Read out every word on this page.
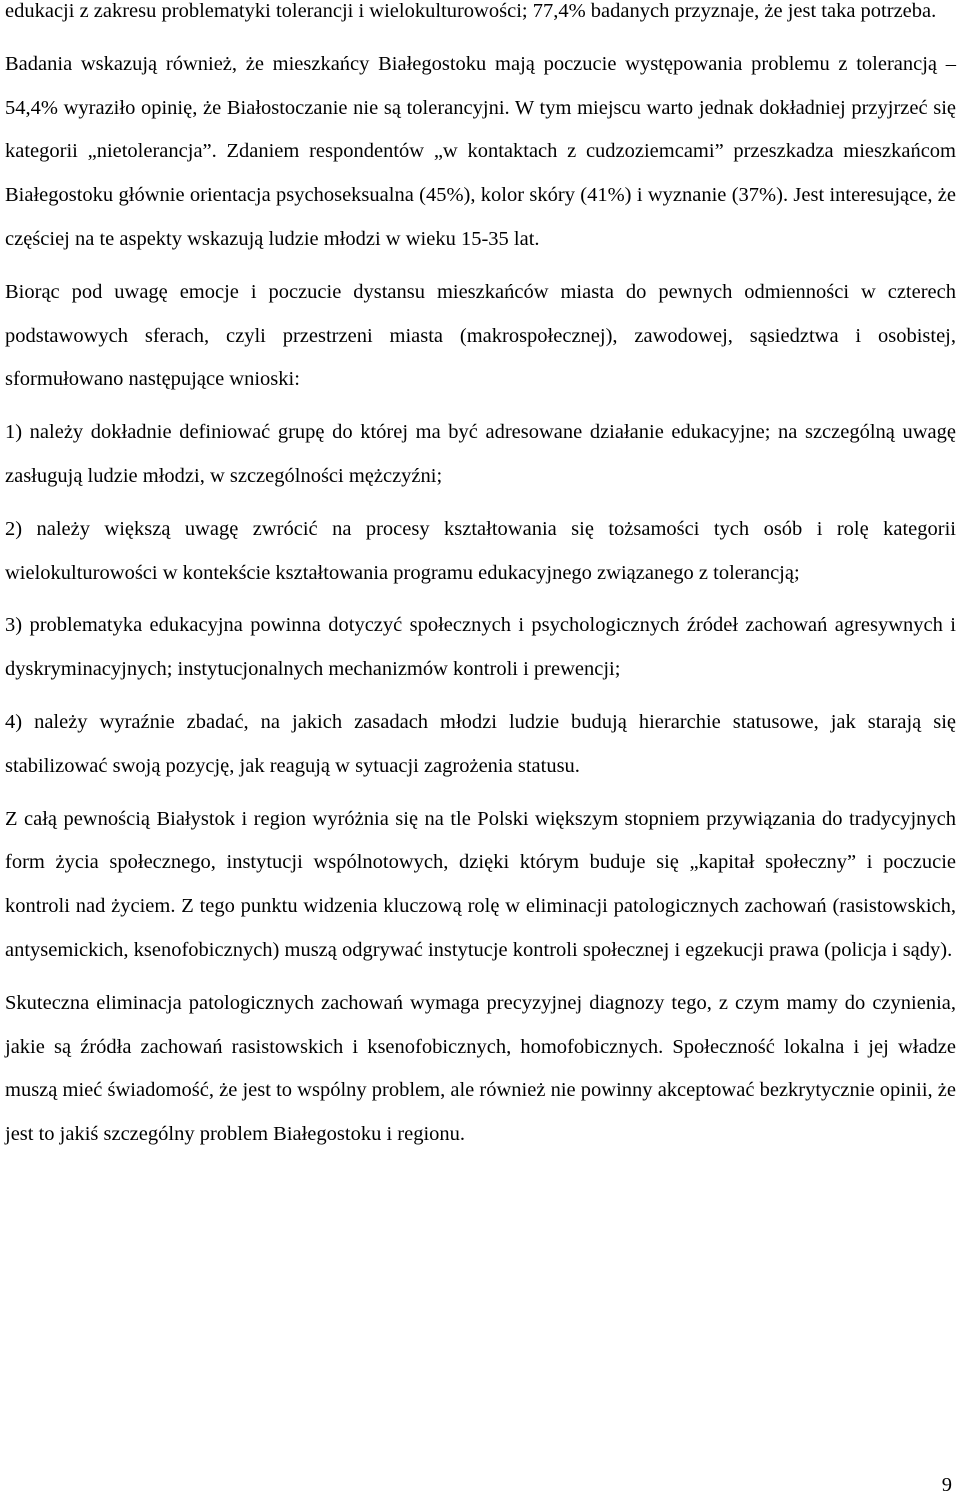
edukacji z zakresu problematyki tolerancji i wielokulturowości; 77,4% badanych przyznaje, że jest taka potrzeba.

Badania wskazują również, że mieszkańcy Białegostoku mają poczucie występowania problemu z tolerancją – 54,4% wyraziło opinię, że Białostoczanie nie są tolerancyjni. W tym miejscu warto jednak dokładniej przyjrzeć się kategorii „nietolerancja”. Zdaniem respondentów „w kontaktach z cudzoziemcami” przeszkadza mieszkańcom Białegostoku głównie orientacja psychoseksualna (45%), kolor skóry (41%) i wyznanie (37%). Jest interesujące, że częściej na te aspekty wskazują ludzie młodzi w wieku 15-35 lat.

Biorąc pod uwagę emocje i poczucie dystansu mieszkańców miasta do pewnych odmienności w czterech podstawowych sferach, czyli przestrzeni miasta (makrospołecznej), zawodowej, sąsiedztwa i osobistej, sformułowano następujące wnioski:

1) należy dokładnie definiować grupę do której ma być adresowane działanie edukacyjne; na szczególną uwagę zasługują ludzie młodzi, w szczególności mężczyźni;

2) należy większą uwagę zwrócić na procesy kształtowania się tożsamości tych osób i rolę kategorii wielokulturowości w kontekście kształtowania programu edukacyjnego związanego z tolerancją;

3) problematyka edukacyjna powinna dotyczyć społecznych i psychologicznych źródeł zachowań agresywnych i dyskryminacyjnych; instytucjonalnych mechanizmów kontroli i prewencji;

4) należy wyraźnie zbadać, na jakich zasadach młodzi ludzie budują hierarchie statusowe, jak starają się stabilizować swoją pozycję, jak reagują w sytuacji zagrożenia statusu.

Z całą pewnością Białystok i region wyróżnia się na tle Polski większym stopniem przywiązania do tradycyjnych form życia społecznego, instytucji wspólnotowych, dzięki którym buduje się „kapitał społeczny” i poczucie kontroli nad życiem. Z tego punktu widzenia kluczową rolę w eliminacji patologicznych zachowań (rasistowskich, antysemickich, ksenofobicznych) muszą odgrywać instytucje kontroli społecznej i egzekucji prawa (policja i sądy).

Skuteczna eliminacja patologicznych zachowań wymaga precyzyjnej diagnozy tego, z czym mamy do czynienia, jakie są źródła zachowań rasistowskich i ksenofobicznych, homofobicznych. Społeczność lokalna i jej władze muszą mieć świadomość, że jest to wspólny problem, ale również nie powinny akceptować bezkrytycznie opinii, że jest to jakiś szczególny problem Białegostoku i regionu.

9
